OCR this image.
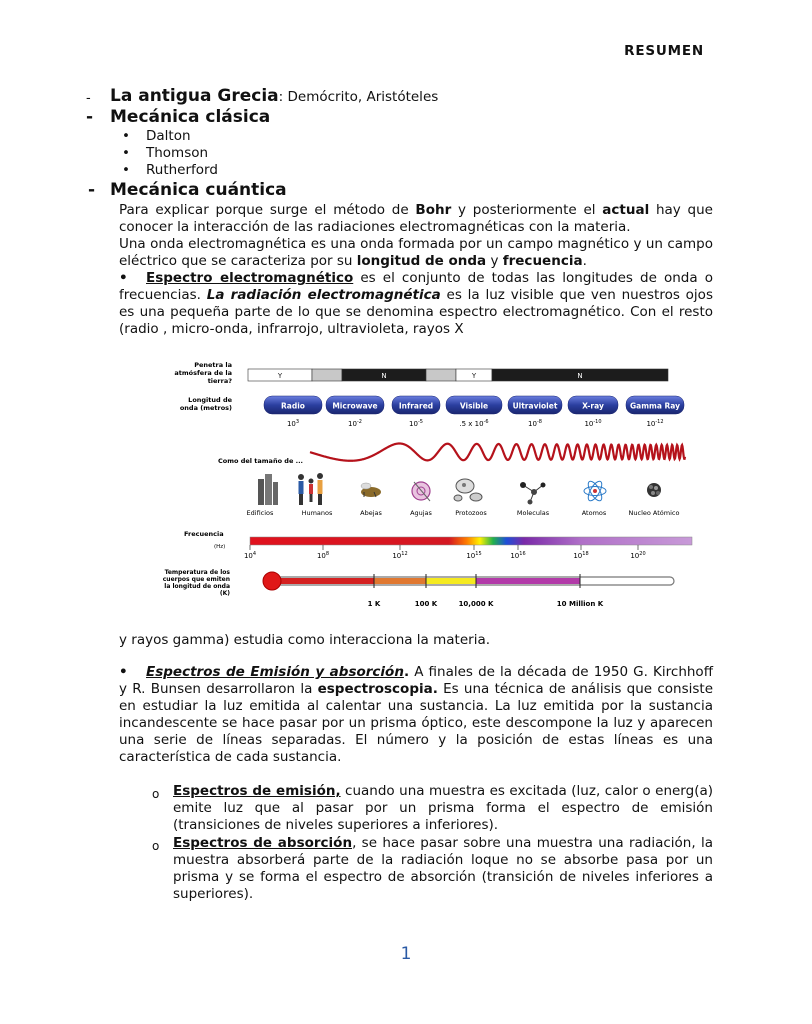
RESUMEN
- La antigua Grecia: Demócrito, Aristóteles
- Mecánica clásica
• Dalton
• Thomson
• Rutherford
- Mecánica cuántica
Para explicar porque surge el método de Bohr y posteriormente el actual hay que conocer la interacción de las radiaciones electromagnéticas con la materia.
Una onda electromagnética es una onda formada por un campo magnético y un campo eléctrico que se caracteriza por su longitud de onda y frecuencia.
• Espectro electromagnético es el conjunto de todas las longitudes de onda o frecuencias. La radiación electromagnética es la luz visible que ven nuestros ojos es una pequeña parte de lo que se denomina espectro electromagnético. Con el resto (radio , micro-onda, infrarrojo, ultravioleta, rayos X
Penetra la
atmósfera de la
tierra?
Y	N	Y	N
Longitud de
onda (metros)	Radio	Microwave	Infrared	Visible	Ultraviolet	X-ray	Gamma Ray
$10^3$	$10^{-2}$	$10^{-5}$	.5 x $10^{-6}$	$10^{-8}$	$10^{-10}$	$10^{-12}$
Como del tamaño de ...
Edificios	Humanos	Abejas	Agujas	Protozoos	Moleculas	Atomos	Nucleo Atómico
Frecuencia
(Hz)
$10^4$	$10^8$	$10^{12}$	$10^{15}$	$10^{16}$	$10^{18}$	$10^{20}$
Temperatura de los
cuerpos que emiten
la longitud de onda
(K)
1 K	100 K	10,000 K	10 Million K
y rayos gamma) estudia como interacciona la materia.
• Espectros de Emisión y absorción. A finales de la década de 1950 G. Kirchhoff y R. Bunsen desarrollaron la espectroscopia. Es una técnica de análisis que consiste en estudiar la luz emitida al calentar una sustancia. La luz emitida por la sustancia incandescente se hace pasar por un prisma óptico, este descompone la luz y aparecen una serie de líneas separadas. El número y la posición de estas líneas es una característica de cada sustancia.
o Espectros de emisión, cuando una muestra es excitada (luz, calor o energ(a) emite luz que al pasar por un prisma forma el espectro de emisión (transiciones de niveles superiores a inferiores).
o Espectros de absorción, se hace pasar sobre una muestra una radiación, la muestra absorberá parte de la radiación loque no se absorbe pasa por un prisma y se forma el espectro de absorción (transición de niveles inferiores a superiores).
1
